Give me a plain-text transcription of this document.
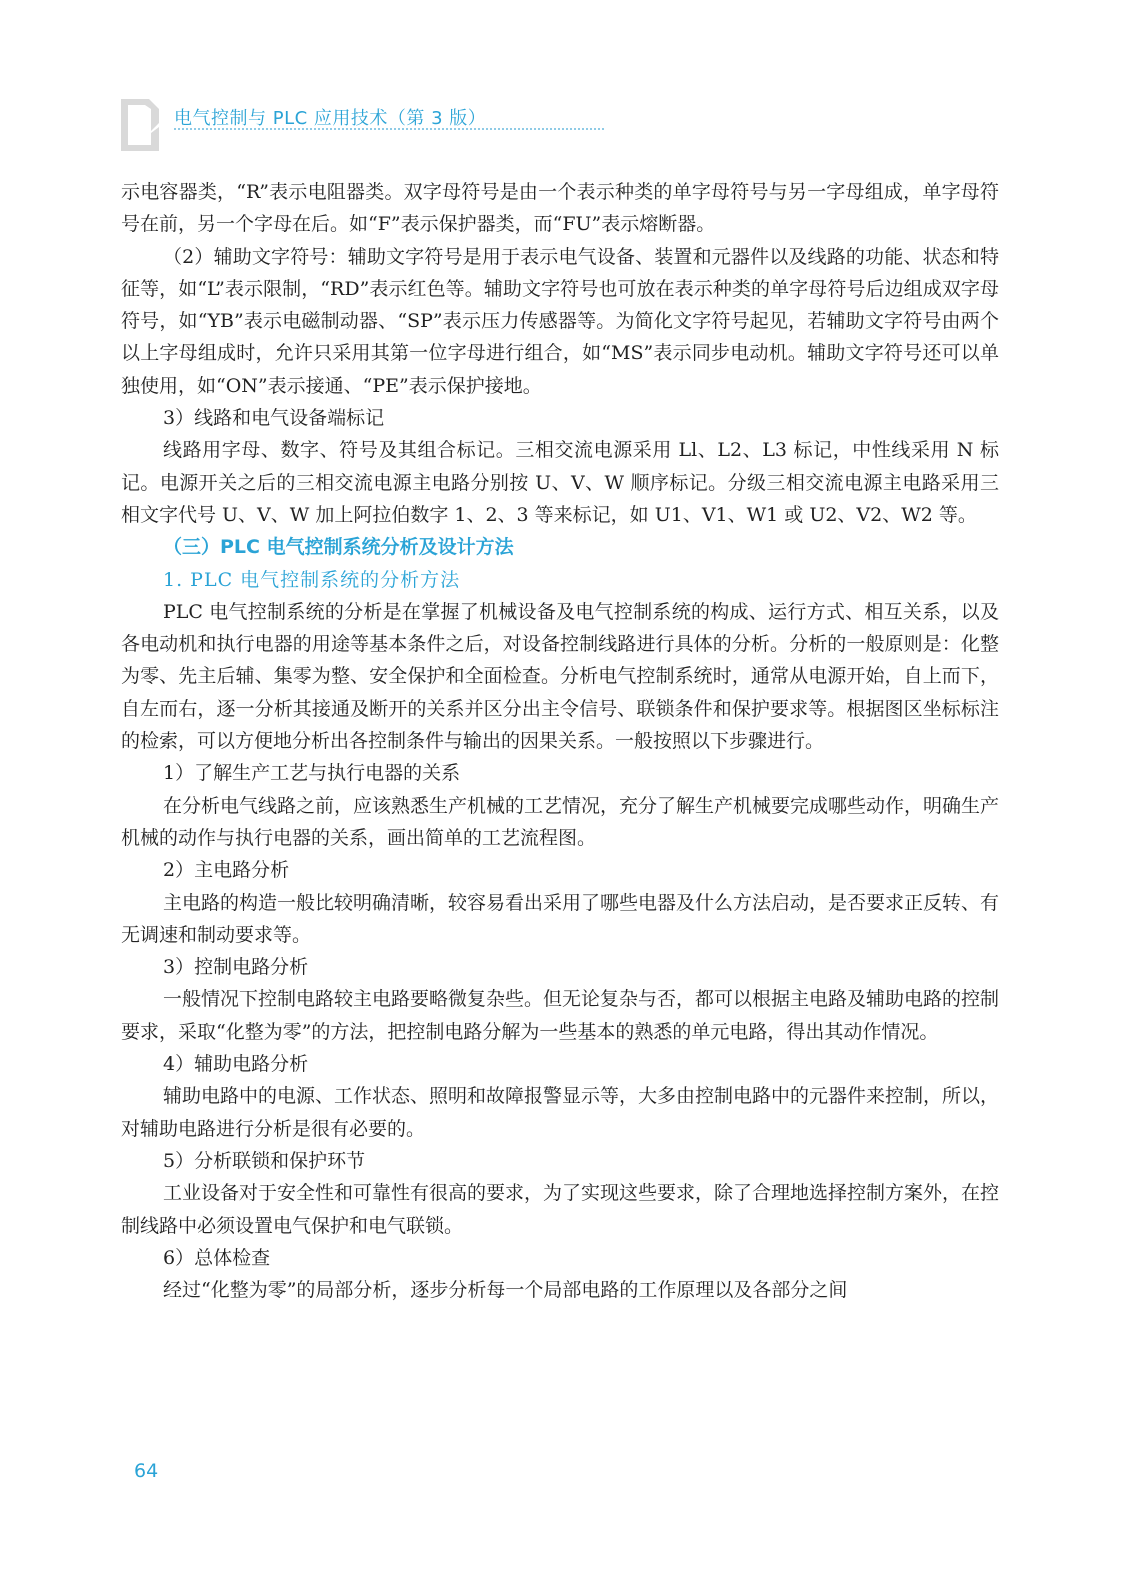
电气控制与 PLC 应用技术（第 3 版）

示电容器类，“R”表示电阻器类。双字母符号是由一个表示种类的单字母符号与另一字母组成，单字母符号在前，另一个字母在后。如“F”表示保护器类，而“FU”表示熔断器。

（2）辅助文字符号：辅助文字符号是用于表示电气设备、装置和元器件以及线路的功能、状态和特征等，如“L”表示限制，“RD”表示红色等。辅助文字符号也可放在表示种类的单字母符号后边组成双字母符号，如“YB”表示电磁制动器、“SP”表示压力传感器等。为简化文字符号起见，若辅助文字符号由两个以上字母组成时，允许只采用其第一位字母进行组合，如“MS”表示同步电动机。辅助文字符号还可以单独使用，如“ON”表示接通、“PE”表示保护接地。

3）线路和电气设备端标记

线路用字母、数字、符号及其组合标记。三相交流电源采用 Ll、L2、L3 标记，中性线采用 N 标记。电源开关之后的三相交流电源主电路分别按 U、V、W 顺序标记。分级三相交流电源主电路采用三相文字代号 U、V、W 加上阿拉伯数字 1、2、3 等来标记，如 U1、V1、W1 或 U2、V2、W2 等。

（三）PLC 电气控制系统分析及设计方法
1. PLC 电气控制系统的分析方法

PLC 电气控制系统的分析是在掌握了机械设备及电气控制系统的构成、运行方式、相互关系，以及各电动机和执行电器的用途等基本条件之后，对设备控制线路进行具体的分析。分析的一般原则是：化整为零、先主后辅、集零为整、安全保护和全面检查。分析电气控制系统时，通常从电源开始，自上而下，自左而右，逐一分析其接通及断开的关系并区分出主令信号、联锁条件和保护要求等。根据图区坐标标注的检索，可以方便地分析出各控制条件与输出的因果关系。一般按照以下步骤进行。

1）了解生产工艺与执行电器的关系

在分析电气线路之前，应该熟悉生产机械的工艺情况，充分了解生产机械要完成哪些动作，明确生产机械的动作与执行电器的关系，画出简单的工艺流程图。

2）主电路分析

主电路的构造一般比较明确清晰，较容易看出采用了哪些电器及什么方法启动，是否要求正反转、有无调速和制动要求等。

3）控制电路分析

一般情况下控制电路较主电路要略微复杂些。但无论复杂与否，都可以根据主电路及辅助电路的控制要求，采取“化整为零”的方法，把控制电路分解为一些基本的熟悉的单元电路，得出其动作情况。

4）辅助电路分析

辅助电路中的电源、工作状态、照明和故障报警显示等，大多由控制电路中的元器件来控制，所以，对辅助电路进行分析是很有必要的。

5）分析联锁和保护环节

工业设备对于安全性和可靠性有很高的要求，为了实现这些要求，除了合理地选择控制方案外，在控制线路中必须设置电气保护和电气联锁。

6）总体检查

经过“化整为零”的局部分析，逐步分析每一个局部电路的工作原理以及各部分之间

64
